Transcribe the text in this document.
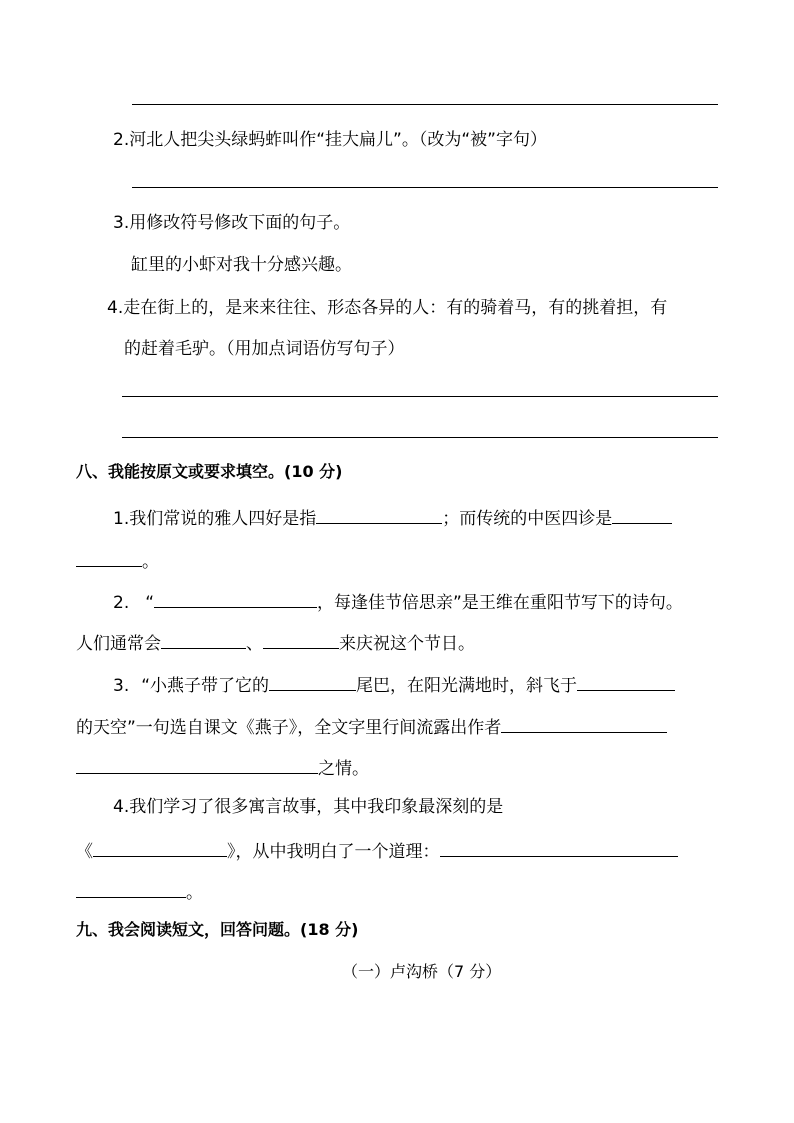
2.河北人把尖头绿蚂蚱叫作“挂大扁儿”。（改为“被”字句）
3.用修改符号修改下面的句子。
缸里的小虾对我十分感兴趣。
4.走在街上的，是来来往往、形态各异的人：有的骑着马，有的挑着担，有
的赶着毛驴。（用加点词语仿写句子）
八、我能按原文或要求填空。(10 分)
1.我们常说的雅人四好是指	；而传统的中医四诊是
。
2. “	，每逢佳节倍思亲”是王维在重阳节写下的诗句。
人们通常会	、	来庆祝这个节日。
3. “小燕子带了它的	尾巴，在阳光满地时，斜飞于
的天空”一句选自课文《燕子》，全文字里行间流露出作者
之情。
4.我们学习了很多寓言故事，其中我印象最深刻的是
《	》，从中我明白了一个道理：
。
九、我会阅读短文，回答问题。(18 分)
（一）卢沟桥（7 分）
